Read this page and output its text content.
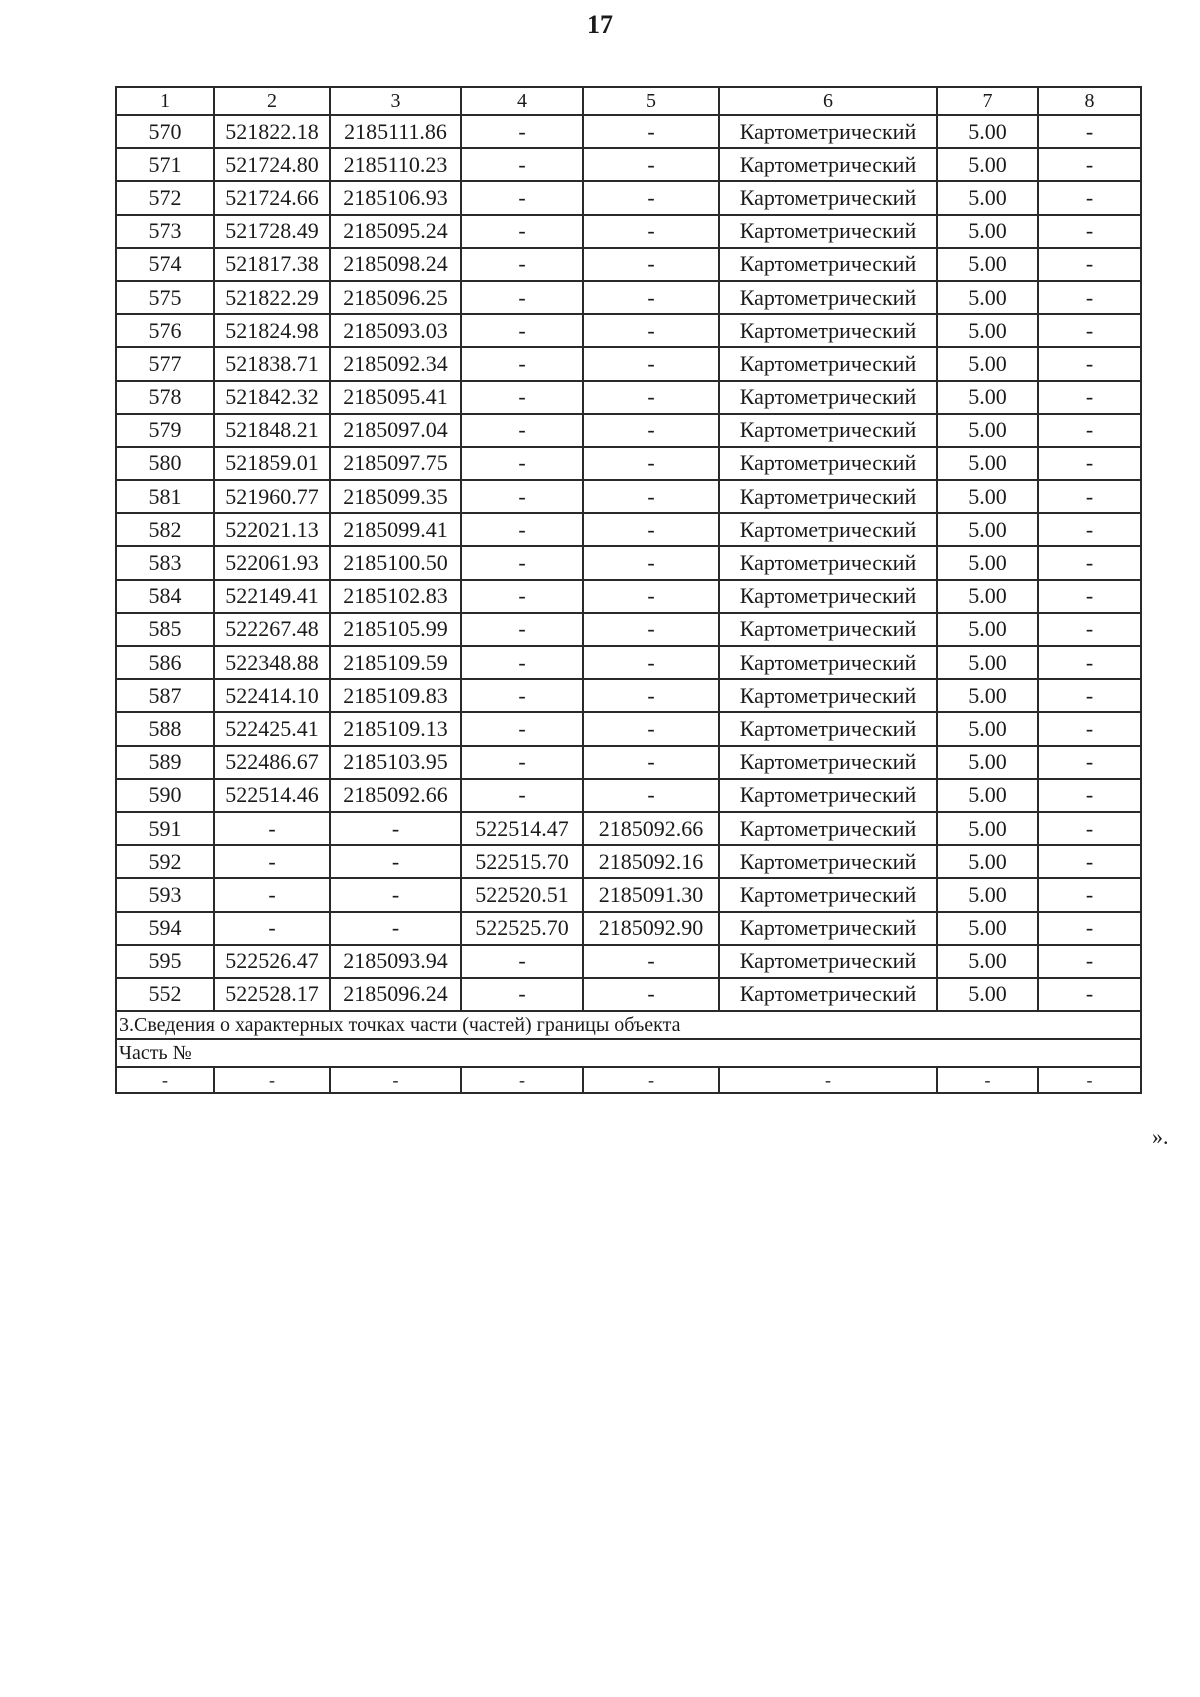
17
1	2	3	4	5	6	7	8
570	521822.18	2185111.86	-	-	Картометрический	5.00	-
571	521724.80	2185110.23	-	-	Картометрический	5.00	-
572	521724.66	2185106.93	-	-	Картометрический	5.00	-
573	521728.49	2185095.24	-	-	Картометрический	5.00	-
574	521817.38	2185098.24	-	-	Картометрический	5.00	-
575	521822.29	2185096.25	-	-	Картометрический	5.00	-
576	521824.98	2185093.03	-	-	Картометрический	5.00	-
577	521838.71	2185092.34	-	-	Картометрический	5.00	-
578	521842.32	2185095.41	-	-	Картометрический	5.00	-
579	521848.21	2185097.04	-	-	Картометрический	5.00	-
580	521859.01	2185097.75	-	-	Картометрический	5.00	-
581	521960.77	2185099.35	-	-	Картометрический	5.00	-
582	522021.13	2185099.41	-	-	Картометрический	5.00	-
583	522061.93	2185100.50	-	-	Картометрический	5.00	-
584	522149.41	2185102.83	-	-	Картометрический	5.00	-
585	522267.48	2185105.99	-	-	Картометрический	5.00	-
586	522348.88	2185109.59	-	-	Картометрический	5.00	-
587	522414.10	2185109.83	-	-	Картометрический	5.00	-
588	522425.41	2185109.13	-	-	Картометрический	5.00	-
589	522486.67	2185103.95	-	-	Картометрический	5.00	-
590	522514.46	2185092.66	-	-	Картометрический	5.00	-
591	-	-	522514.47	2185092.66	Картометрический	5.00	-
592	-	-	522515.70	2185092.16	Картометрический	5.00	-
593	-	-	522520.51	2185091.30	Картометрический	5.00	-
594	-	-	522525.70	2185092.90	Картометрический	5.00	-
595	522526.47	2185093.94	-	-	Картометрический	5.00	-
552	522528.17	2185096.24	-	-	Картометрический	5.00	-
3.Сведения о характерных точках части (частей) границы объекта							
Часть №							
-	-	-	-	-	-	-	-
».
